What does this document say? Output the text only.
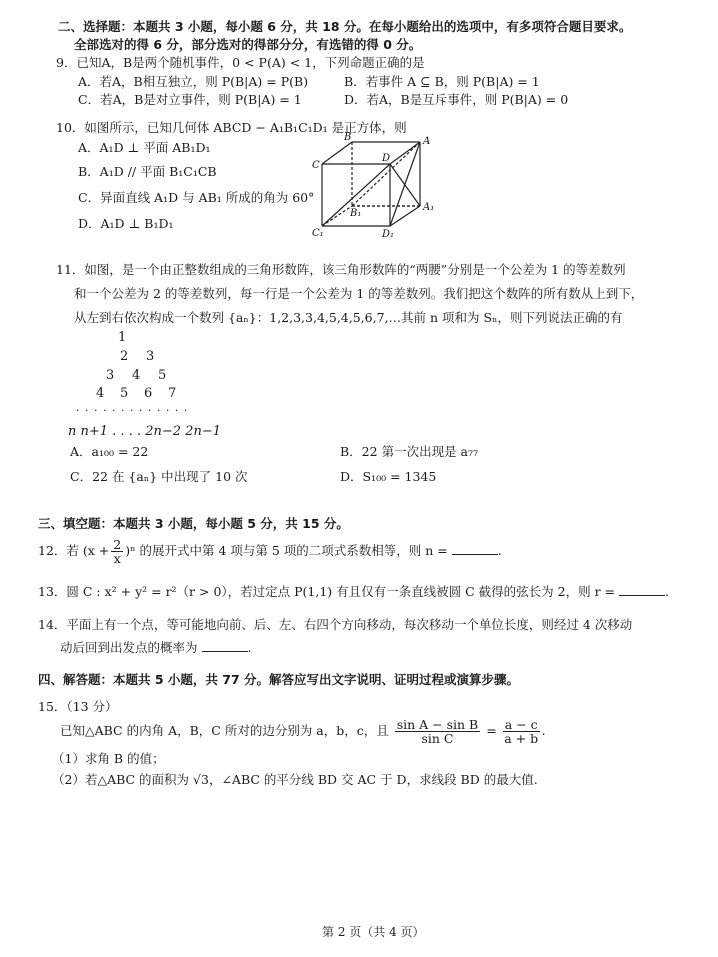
二、选择题：本题共 3 小题，每小题 6 分，共 18 分。在每小题给出的选项中，有多项符合题目要求。
全部选对的得 6 分，部分选对的得部分分，有选错的得 0 分。
9．已知A，B是两个随机事件，0 < P(A) < 1，下列命题正确的是
A．若A，B相互独立，则 P(B|A) = P(B)	B．若事件 A ⊆ B，则 P(B|A) = 1
C．若A，B是对立事件，则 P(B|A) = 1	D．若A，B是互斥事件，则 P(B|A) = 0
10．如图所示，已知几何体 ABCD − A₁B₁C₁D₁ 是正方体，则
A．A₁D ⊥ 平面 AB₁D₁
B．A₁D // 平面 B₁C₁CB
C．异面直线 A₁D 与 AB₁ 所成的角为 60°
D．A₁D ⊥ B₁D₁
B	A
C
D
B₁
A₁
C₁	D₁
11．如图，是一个由正整数组成的三角形数阵，该三角形数阵的“两腰”分别是一个公差为 1 的等差数列
和一个公差为 2 的等差数列，每一行是一个公差为 1 的等差数列。我们把这个数阵的所有数从上到下，
从左到右依次构成一个数列 {aₙ}：1,2,3,3,4,5,4,5,6,7,…其前 n 项和为 Sₙ，则下列说法正确的有
1
2 3
3 4 5
4 5 6 7
· · · · · · · · · · · · ·
n n+1 . . . . 2n−2 2n−1
A．a₁₀₀ = 22	B．22 第一次出现是 a₇₇
C．22 在 {aₙ} 中出现了 10 次	D．S₁₀₀ = 1345
三、填空题：本题共 3 小题，每小题 5 分，共 15 分。
12．若 $(x + \frac{2}{x} )^n$ 的展开式中第 4 项与第 5 项的二项式系数相等，则 n =	.
13．圆 C : x² + y² = r²（r > 0），若过定点 P(1,1) 有且仅有一条直线被圆 C 截得的弦长为 2，则 r =	.
14．平面上有一个点，等可能地向前、后、左、右四个方向移动，每次移动一个单位长度，则经过 4 次移动
动后回到出发点的概率为	.
四、解答题：本题共 5 小题，共 77 分。解答应写出文字说明、证明过程或演算步骤。
15．（13 分）
已知△ABC 的内角 A，B，C 所对的边分别为 a，b，c，且 $\frac{\text{sin A − sin B}}{\text{sin C}} = \frac{a - c}{a + b}$ .
（1）求角 B 的值；
（2）若△ABC 的面积为 √3，∠ABC 的平分线 BD 交 AC 于 D，求线段 BD 的最大值.
第 2 页（共 4 页）
